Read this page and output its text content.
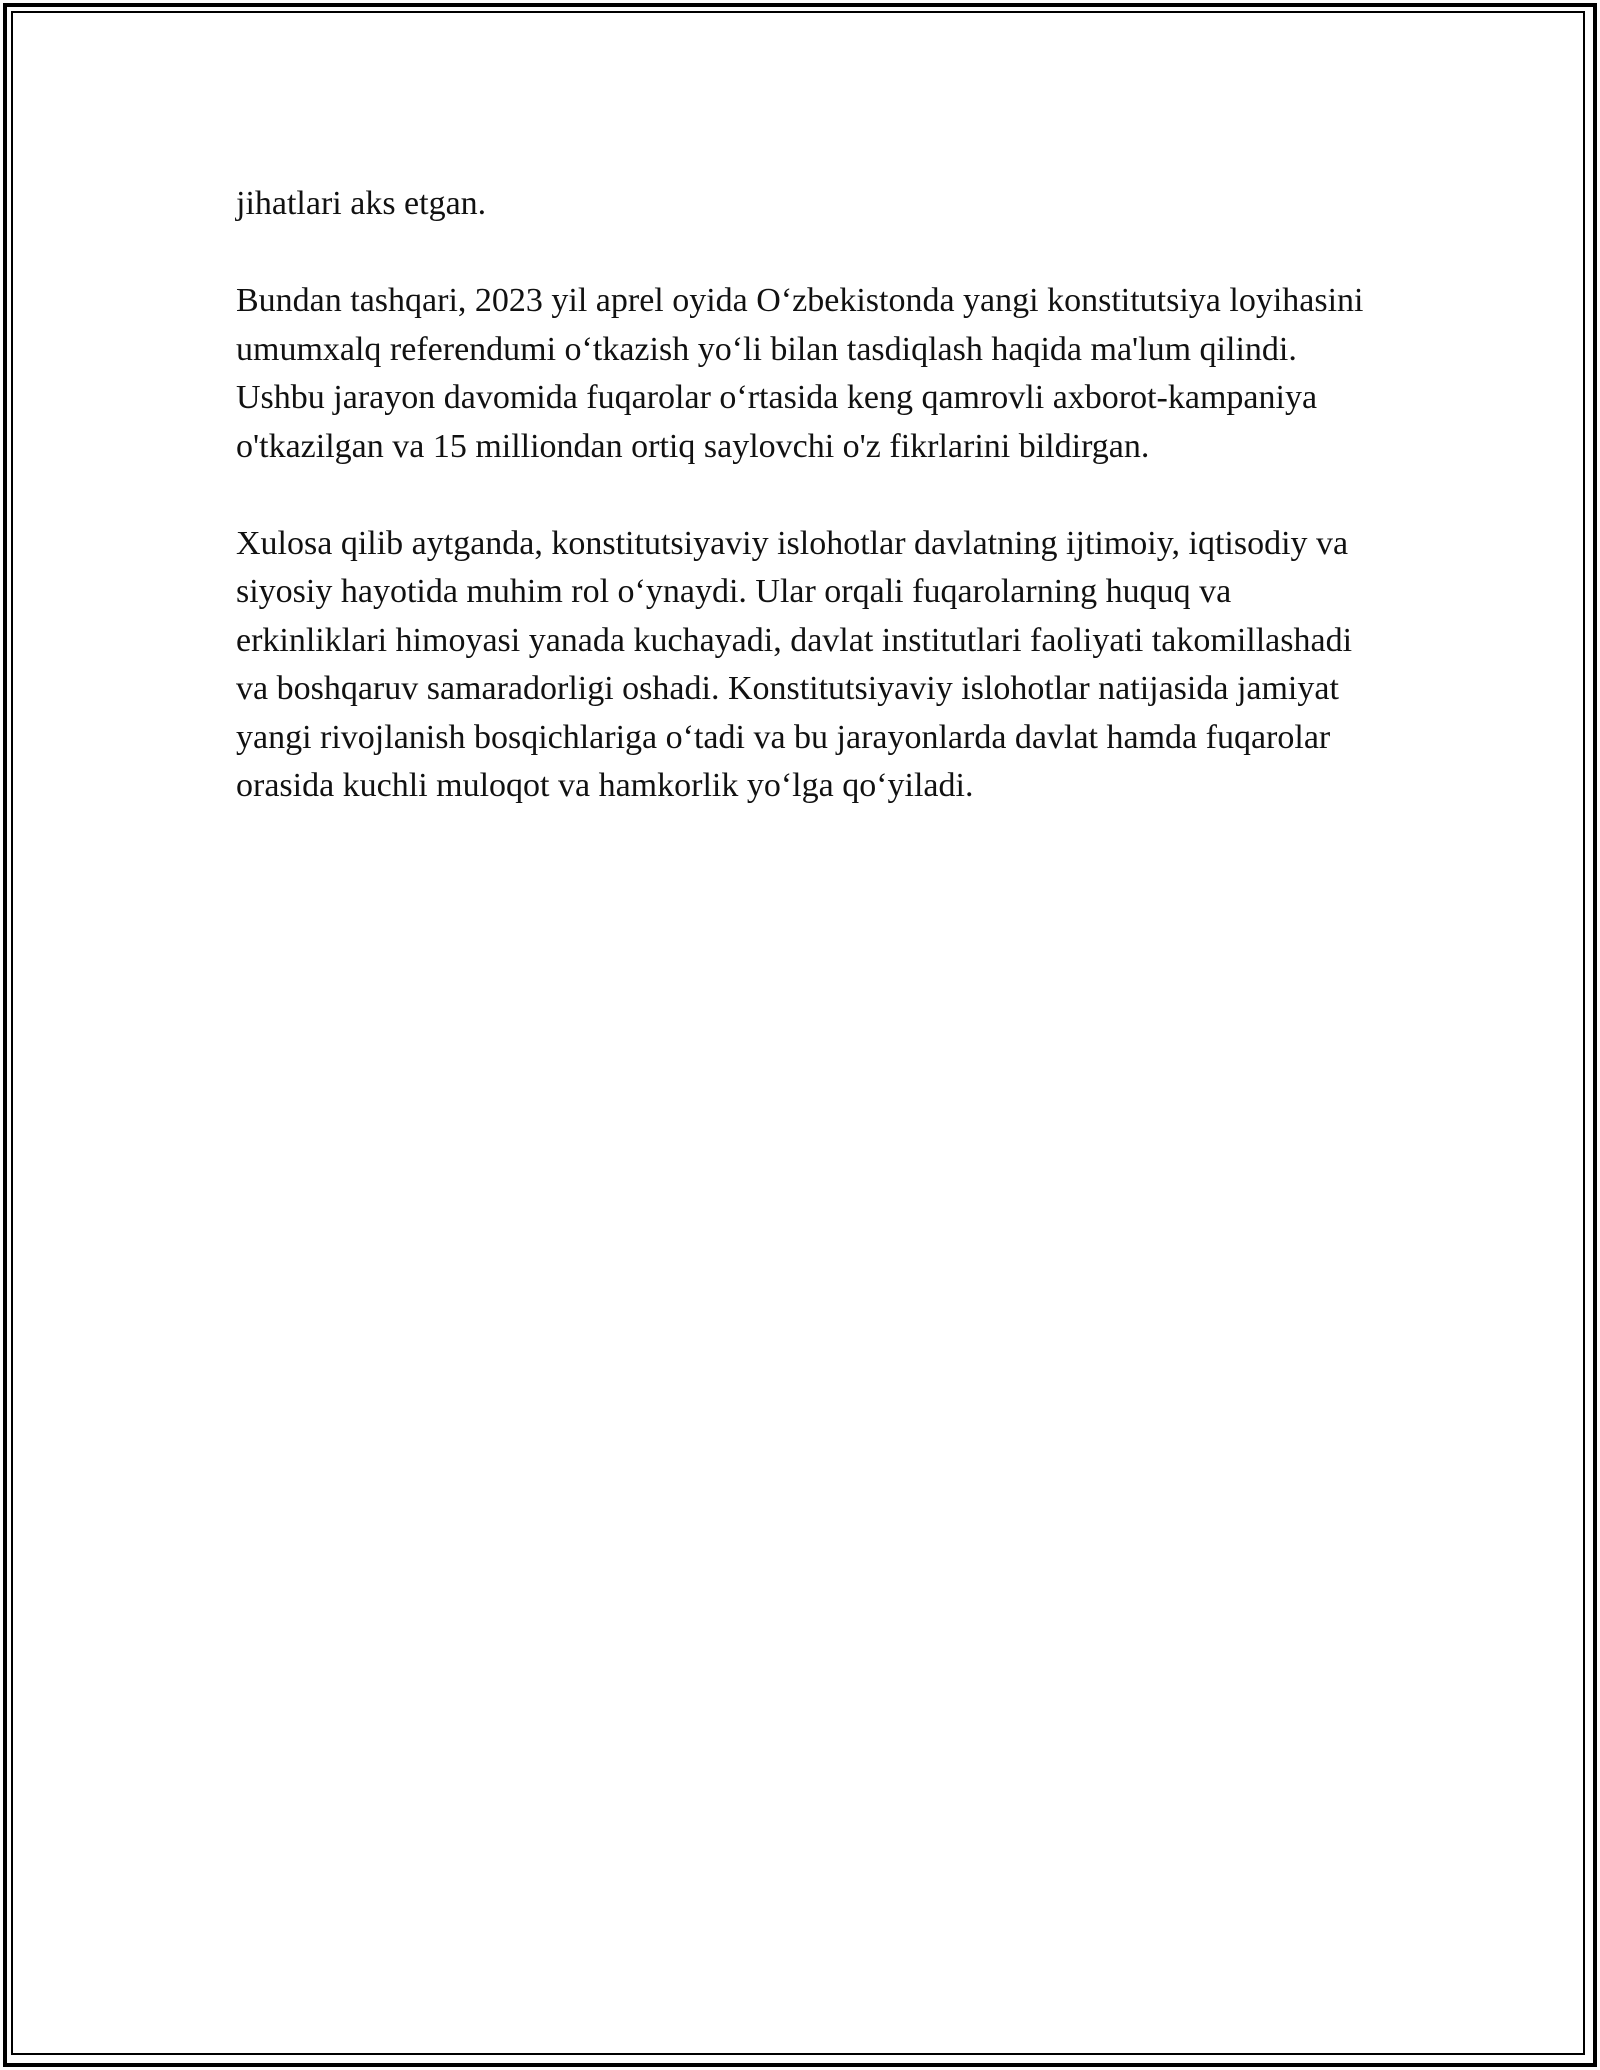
jihatlari aks etgan.

Bundan tashqari, 2023 yil aprel oyida O‘zbekistonda yangi konstitutsiya loyihasini umumxalq referendumi o‘tkazish yo‘li bilan tasdiqlash haqida ma'lum qilindi. Ushbu jarayon davomida fuqarolar o‘rtasida keng qamrovli axborot-kampaniya o'tkazilgan va 15 milliondan ortiq saylovchi o'z fikrlarini bildirgan.

Xulosa qilib aytganda, konstitutsiyaviy islohotlar davlatning ijtimoiy, iqtisodiy va siyosiy hayotida muhim rol o‘ynaydi. Ular orqali fuqarolarning huquq va erkinliklari himoyasi yanada kuchayadi, davlat institutlari faoliyati takomillashadi va boshqaruv samaradorligi oshadi. Konstitutsiyaviy islohotlar natijasida jamiyat yangi rivojlanish bosqichlariga o‘tadi va bu jarayonlarda davlat hamda fuqarolar orasida kuchli muloqot va hamkorlik yo‘lga qo‘yiladi.
